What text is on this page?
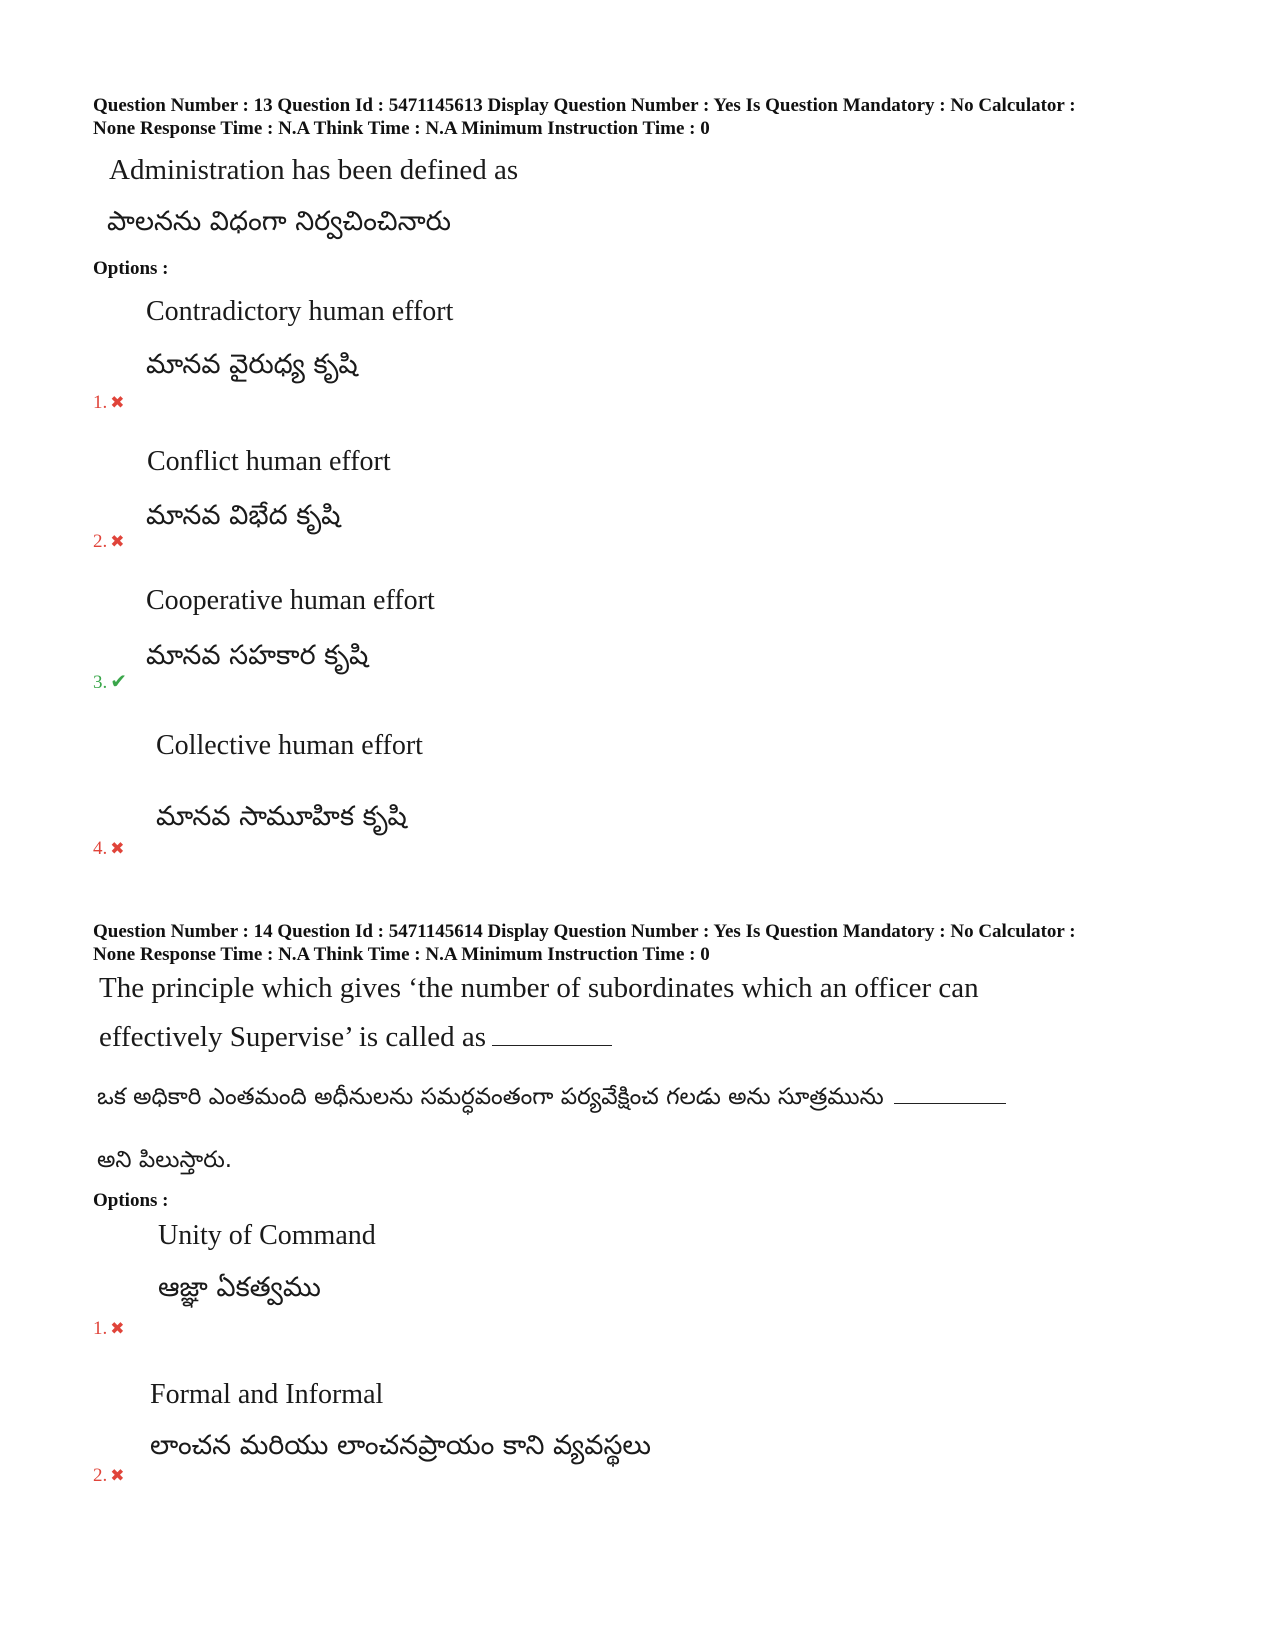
Question Number : 13 Question Id : 5471145613 Display Question Number : Yes Is Question Mandatory : No Calculator :
None Response Time : N.A Think Time : N.A Minimum Instruction Time : 0
Administration has been defined as
పాలనను విధంగా నిర్వచించినారు
Options :
Contradictory human effort
మానవ వైరుధ్య కృషి
1. ✖
Conflict human effort
మానవ విభేద కృషి
2. ✖
Cooperative human effort
మానవ సహకార కృషి
3. ✔
Collective human effort
మానవ సామూహిక కృషి
4. ✖
Question Number : 14 Question Id : 5471145614 Display Question Number : Yes Is Question Mandatory : No Calculator :
None Response Time : N.A Think Time : N.A Minimum Instruction Time : 0
The principle which gives ‘the number of subordinates which an officer can
effectively Supervise’ is called as
ఒక అధికారి ఎంతమంది అధీనులను సమర్ధవంతంగా పర్యవేక్షించ గలడు అను సూత్రమును
అని పిలుస్తారు.
Options :
Unity of Command
ఆజ్ఞా ఏకత్వము
1. ✖
Formal and Informal
లాంచన మరియు లాంచనప్రాయం కాని వ్యవస్థలు
2. ✖
